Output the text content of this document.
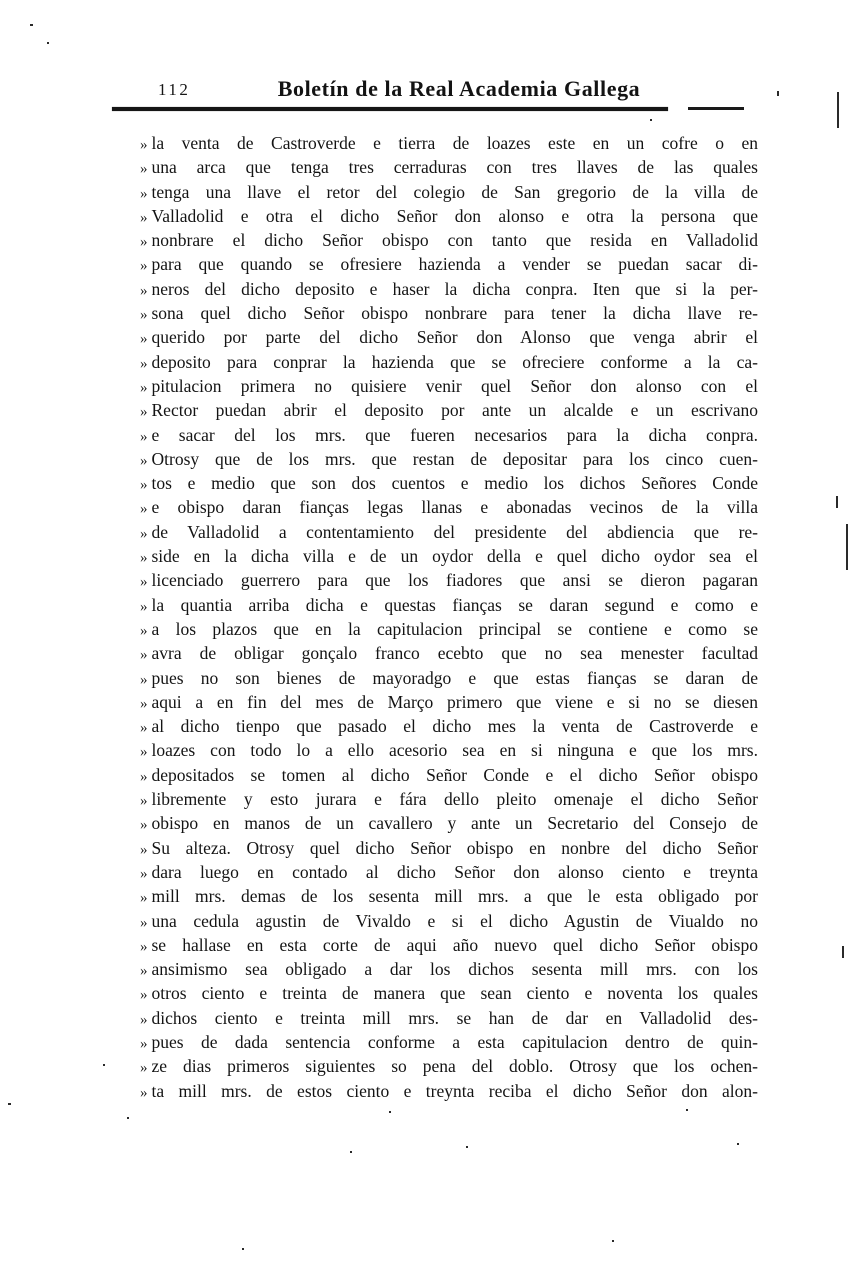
112	Boletín de la Real Academia Gallega
» la venta de Castroverde e tierra de loazes este en un cofre o en
» una arca que tenga tres cerraduras con tres llaves de las quales
» tenga una llave el retor del colegio de San gregorio de la villa de
» Valladolid e otra el dicho Señor don alonso e otra la persona que
» nonbrare el dicho Señor obispo con tanto que resida en Valladolid
» para que quando se ofresiere hazienda a vender se puedan sacar di-
» neros del dicho deposito e haser la dicha conpra. Iten que si la per-
» sona quel dicho Señor obispo nonbrare para tener la dicha llave re-
» querido por parte del dicho Señor don Alonso que venga abrir el
» deposito para conprar la hazienda que se ofreciere conforme a la ca-
» pitulacion primera no quisiere venir quel Señor don alonso con el
» Rector puedan abrir el deposito por ante un alcalde e un escrivano
» e sacar del los mrs. que fueren necesarios para la dicha conpra.
» Otrosy que de los mrs. que restan de depositar para los cinco cuen-
» tos e medio que son dos cuentos e medio los dichos Señores Conde
» e obispo daran fianças legas llanas e abonadas vecinos de la villa
» de Valladolid a contentamiento del presidente del abdiencia que re-
» side en la dicha villa e de un oydor della e quel dicho oydor sea el
» licenciado guerrero para que los fiadores que ansi se dieron pagaran
» la quantia arriba dicha e questas fianças se daran segund e como e
» a los plazos que en la capitulacion principal se contiene e como se
» avra de obligar gonçalo franco ecebto que no sea menester facultad
» pues no son bienes de mayoradgo e que estas fianças se daran de
» aqui a en fin del mes de Março primero que viene e si no se diesen
» al dicho tienpo que pasado el dicho mes la venta de Castroverde e
» loazes con todo lo a ello acesorio sea en si ninguna e que los mrs.
» depositados se tomen al dicho Señor Conde e el dicho Señor obispo
» libremente y esto jurara e fára dello pleito omenaje el dicho Señor
» obispo en manos de un cavallero y ante un Secretario del Consejo de
» Su alteza. Otrosy quel dicho Señor obispo en nonbre del dicho Señor
» dara luego en contado al dicho Señor don alonso ciento e treynta
» mill mrs. demas de los sesenta mill mrs. a que le esta obligado por
» una cedula agustin de Vivaldo e si el dicho Agustin de Viualdo no
» se hallase en esta corte de aqui año nuevo quel dicho Señor obispo
» ansimismo sea obligado a dar los dichos sesenta mill mrs. con los
» otros ciento e treinta de manera que sean ciento e noventa los quales
» dichos ciento e treinta mill mrs. se han de dar en Valladolid des-
» pues de dada sentencia conforme a esta capitulacion dentro de quin-
» ze dias primeros siguientes so pena del doblo. Otrosy que los ochen-
» ta mill mrs. de estos ciento e treynta reciba el dicho Señor don alon-
